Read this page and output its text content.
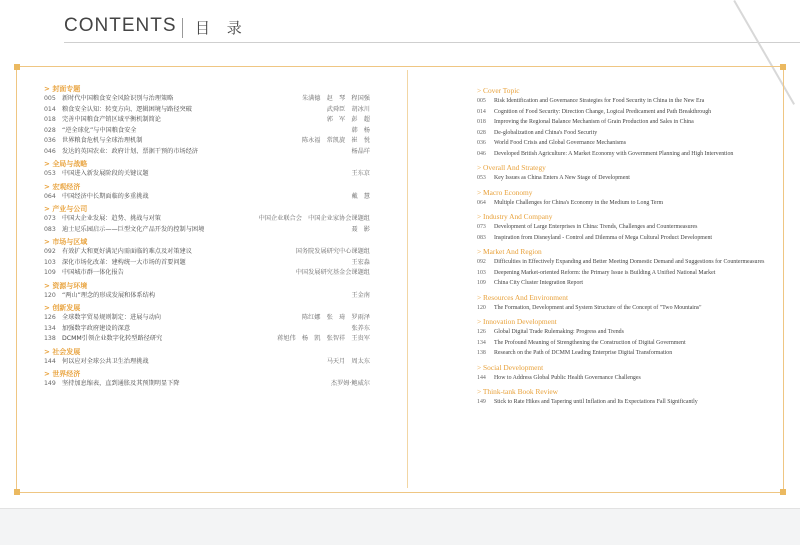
CONTENTS 目 录
> 封面专题
005 新时代中国粮食安全风险识别与治理策略	朱满德　赵　琴　程国强
014 粮食安全认知：转变方向、逻辑困境与路径突破	武舜臣　胡冰川
018 完善中国粮食产销区域平衡机制简论	郭　军　彭　超
028 “逆全球化”与中国粮食安全	韩　杨
036 世界粮食危机与全球治理机制	陈永福　常凯旋　崔　悦
046 发达的英国农业：政府计划、票据干预的市场经济	杨晶垟
> 全局与战略
053 中国进入新发展阶段的关键议题	王东京
> 宏观经济
064 中国经济中长期面临的多重挑战	戴　慧
> 产业与公司
073 中国大企业发展：趋势、挑战与对策	中国企业联合会　中国企业家协会课题组
083 迪士尼乐园启示——巨型文化产品开发的控制与困境	聂　影
> 市场与区域
092 有效扩大和更好满足内需面临的难点及对策建议	国务院发展研究中心课题组
103 深化市场化改革：建构统一大市场的首要问题	王宏淼
109 中国城市群一体化报告	中国发展研究基金会课题组
> 资源与环境
120 “两山”理念的形成发展和体系结构	王金南
> 创新发展
126 全球数字贸易规则制定：进展与动向	陈红娜　张　琦　罗雨泽
134 加强数字政府建设的深意	张养东
138 DCMM引领企业数字化转型路径研究	蒋旭伟　杨　凯　张智祥　王贵军
> 社会发展
144 何以应对全球公共卫生治理挑战	马天月　周太东
> 世界经济
149 坚持加息缩表，直到通胀及其预期明显下降	杰罗姆·鲍威尔
> Cover Topic
005 Risk Identification and Governance Strategies for Food Security in China in the New Era
014 Cognition of Food Security: Direction Change, Logical Predicament and Path Breakthrough
018 Improving the Regional Balance Mechanism of Grain Production and Sales in China
028 De-globalization and China's Food Security
036 World Food Crisis and Global Governance Mechanisms
046 Developed British Agriculture: A Market Economy with Government Planning and High Intervention
> Overall And Strategy
053 Key Issues as China Enters A New Stage of Development
> Macro Economy
064 Multiple Challenges for China's Economy in the Medium to Long Term
> Industry And Company
073 Development of Large Enterprises in China: Trends, Challenges and Countermeasures
083 Inspiration from Disneyland - Control and Dilemma of Mega Cultural Product Development
> Market And Region
092 Difficulties in Effectively Expanding and Better Meeting Domestic Demand and Suggestions for Countermeasures
103 Deepening Market-oriented Reform: the Primary Issue is Building A Unified National Market
109 China City Cluster Integration Report
> Resources And Environment
120 The Formation, Development and System Structure of the Concept of "Two Mountains"
> Innovation Development
126 Global Digital Trade Rulemaking: Progress and Trends
134 The Profound Meaning of Strengthening the Construction of Digital Government
138 Research on the Path of DCMM Leading Enterprise Digital Transformation
> Social Development
144 How to Address Global Public Health Governance Challenges
> Think-tank Book Review
149 Stick to Rate Hikes and Tapering until Inflation and Its Expectations Fall Significantly
